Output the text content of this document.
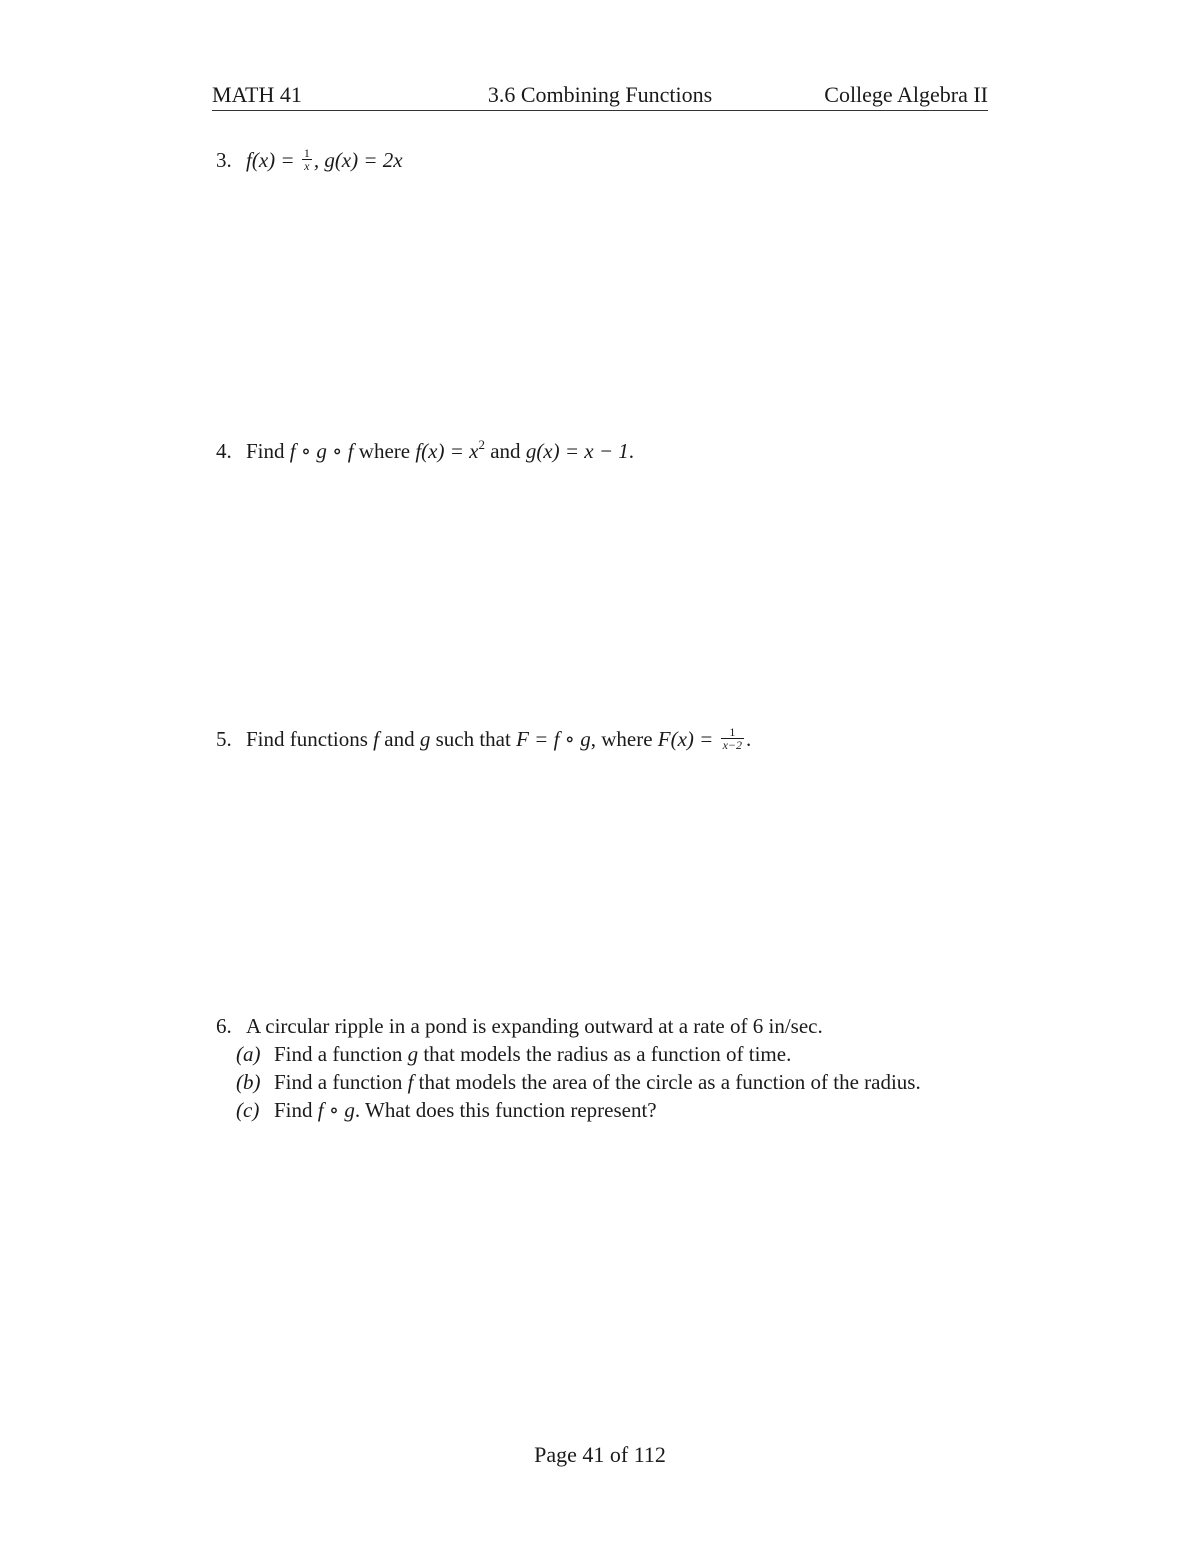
MATH 41	3.6 Combining Functions	College Algebra II
3. $f(x) = \frac{1}{x}$ , g(x) = 2x
4. Find f ∘ g ∘ f where $f(x) = x^2$ and g(x) = x − 1.
5. Find functions f and g such that F = f ∘ g, where $F(x) = \frac{1}{x-2}$ .
6. A circular ripple in a pond is expanding outward at a rate of 6 in/sec.
(a) Find a function g that models the radius as a function of time.
(b) Find a function f that models the area of the circle as a function of the radius.
(c) Find f ∘ g. What does this function represent?
Page 41 of 112
